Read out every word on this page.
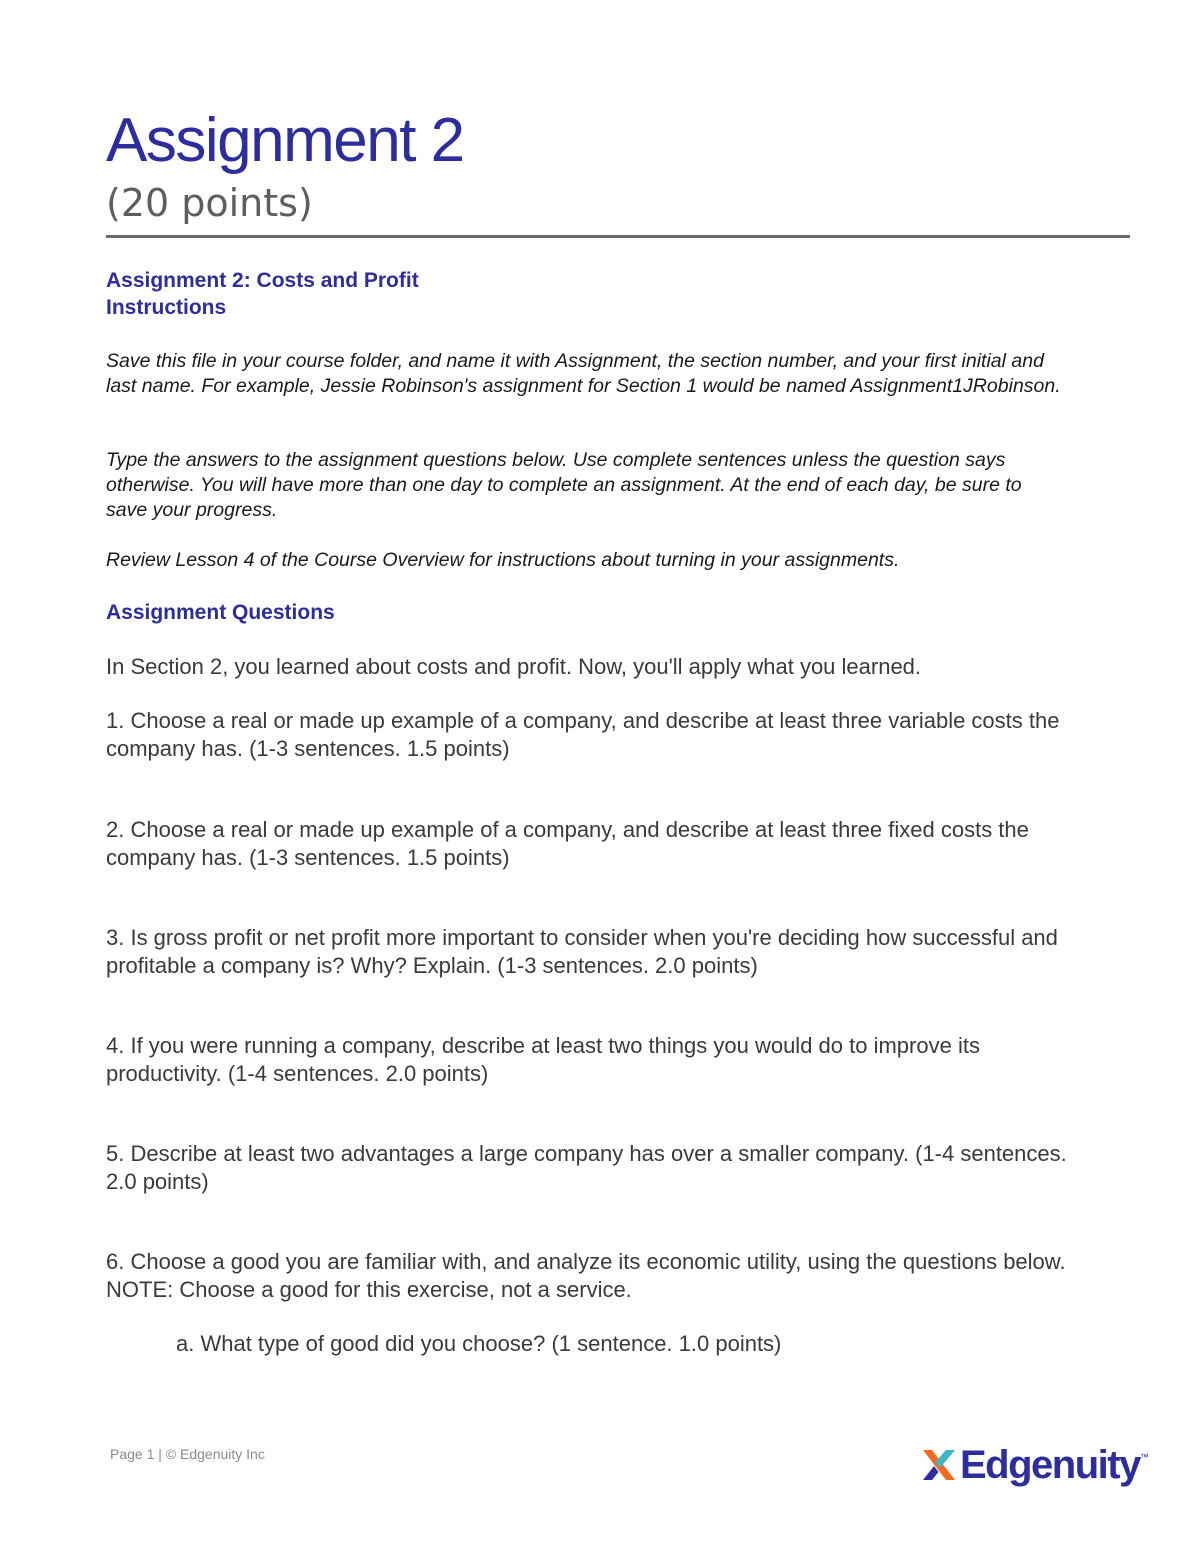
Assignment 2
(20 points)
Assignment 2: Costs and Profit
Instructions

Save this file in your course folder, and name it with Assignment, the section number, and your first initial and last name. For example, Jessie Robinson's assignment for Section 1 would be named Assignment1JRobinson.

Type the answers to the assignment questions below. Use complete sentences unless the question says otherwise. You will have more than one day to complete an assignment. At the end of each day, be sure to save your progress.

Review Lesson 4 of the Course Overview for instructions about turning in your assignments.

Assignment Questions

In Section 2, you learned about costs and profit. Now, you'll apply what you learned.

1. Choose a real or made up example of a company, and describe at least three variable costs the company has. (1-3 sentences. 1.5 points)

2. Choose a real or made up example of a company, and describe at least three fixed costs the company has. (1-3 sentences. 1.5 points)

3. Is gross profit or net profit more important to consider when you're deciding how successful and profitable a company is? Why? Explain. (1-3 sentences. 2.0 points)

4. If you were running a company, describe at least two things you would do to improve its productivity. (1-4 sentences. 2.0 points)

5. Describe at least two advantages a large company has over a smaller company. (1-4 sentences. 2.0 points)

6. Choose a good you are familiar with, and analyze its economic utility, using the questions below. NOTE: Choose a good for this exercise, not a service.

a. What type of good did you choose? (1 sentence. 1.0 points)

Page 1 | © Edgenuity Inc	Edgenuity ™
